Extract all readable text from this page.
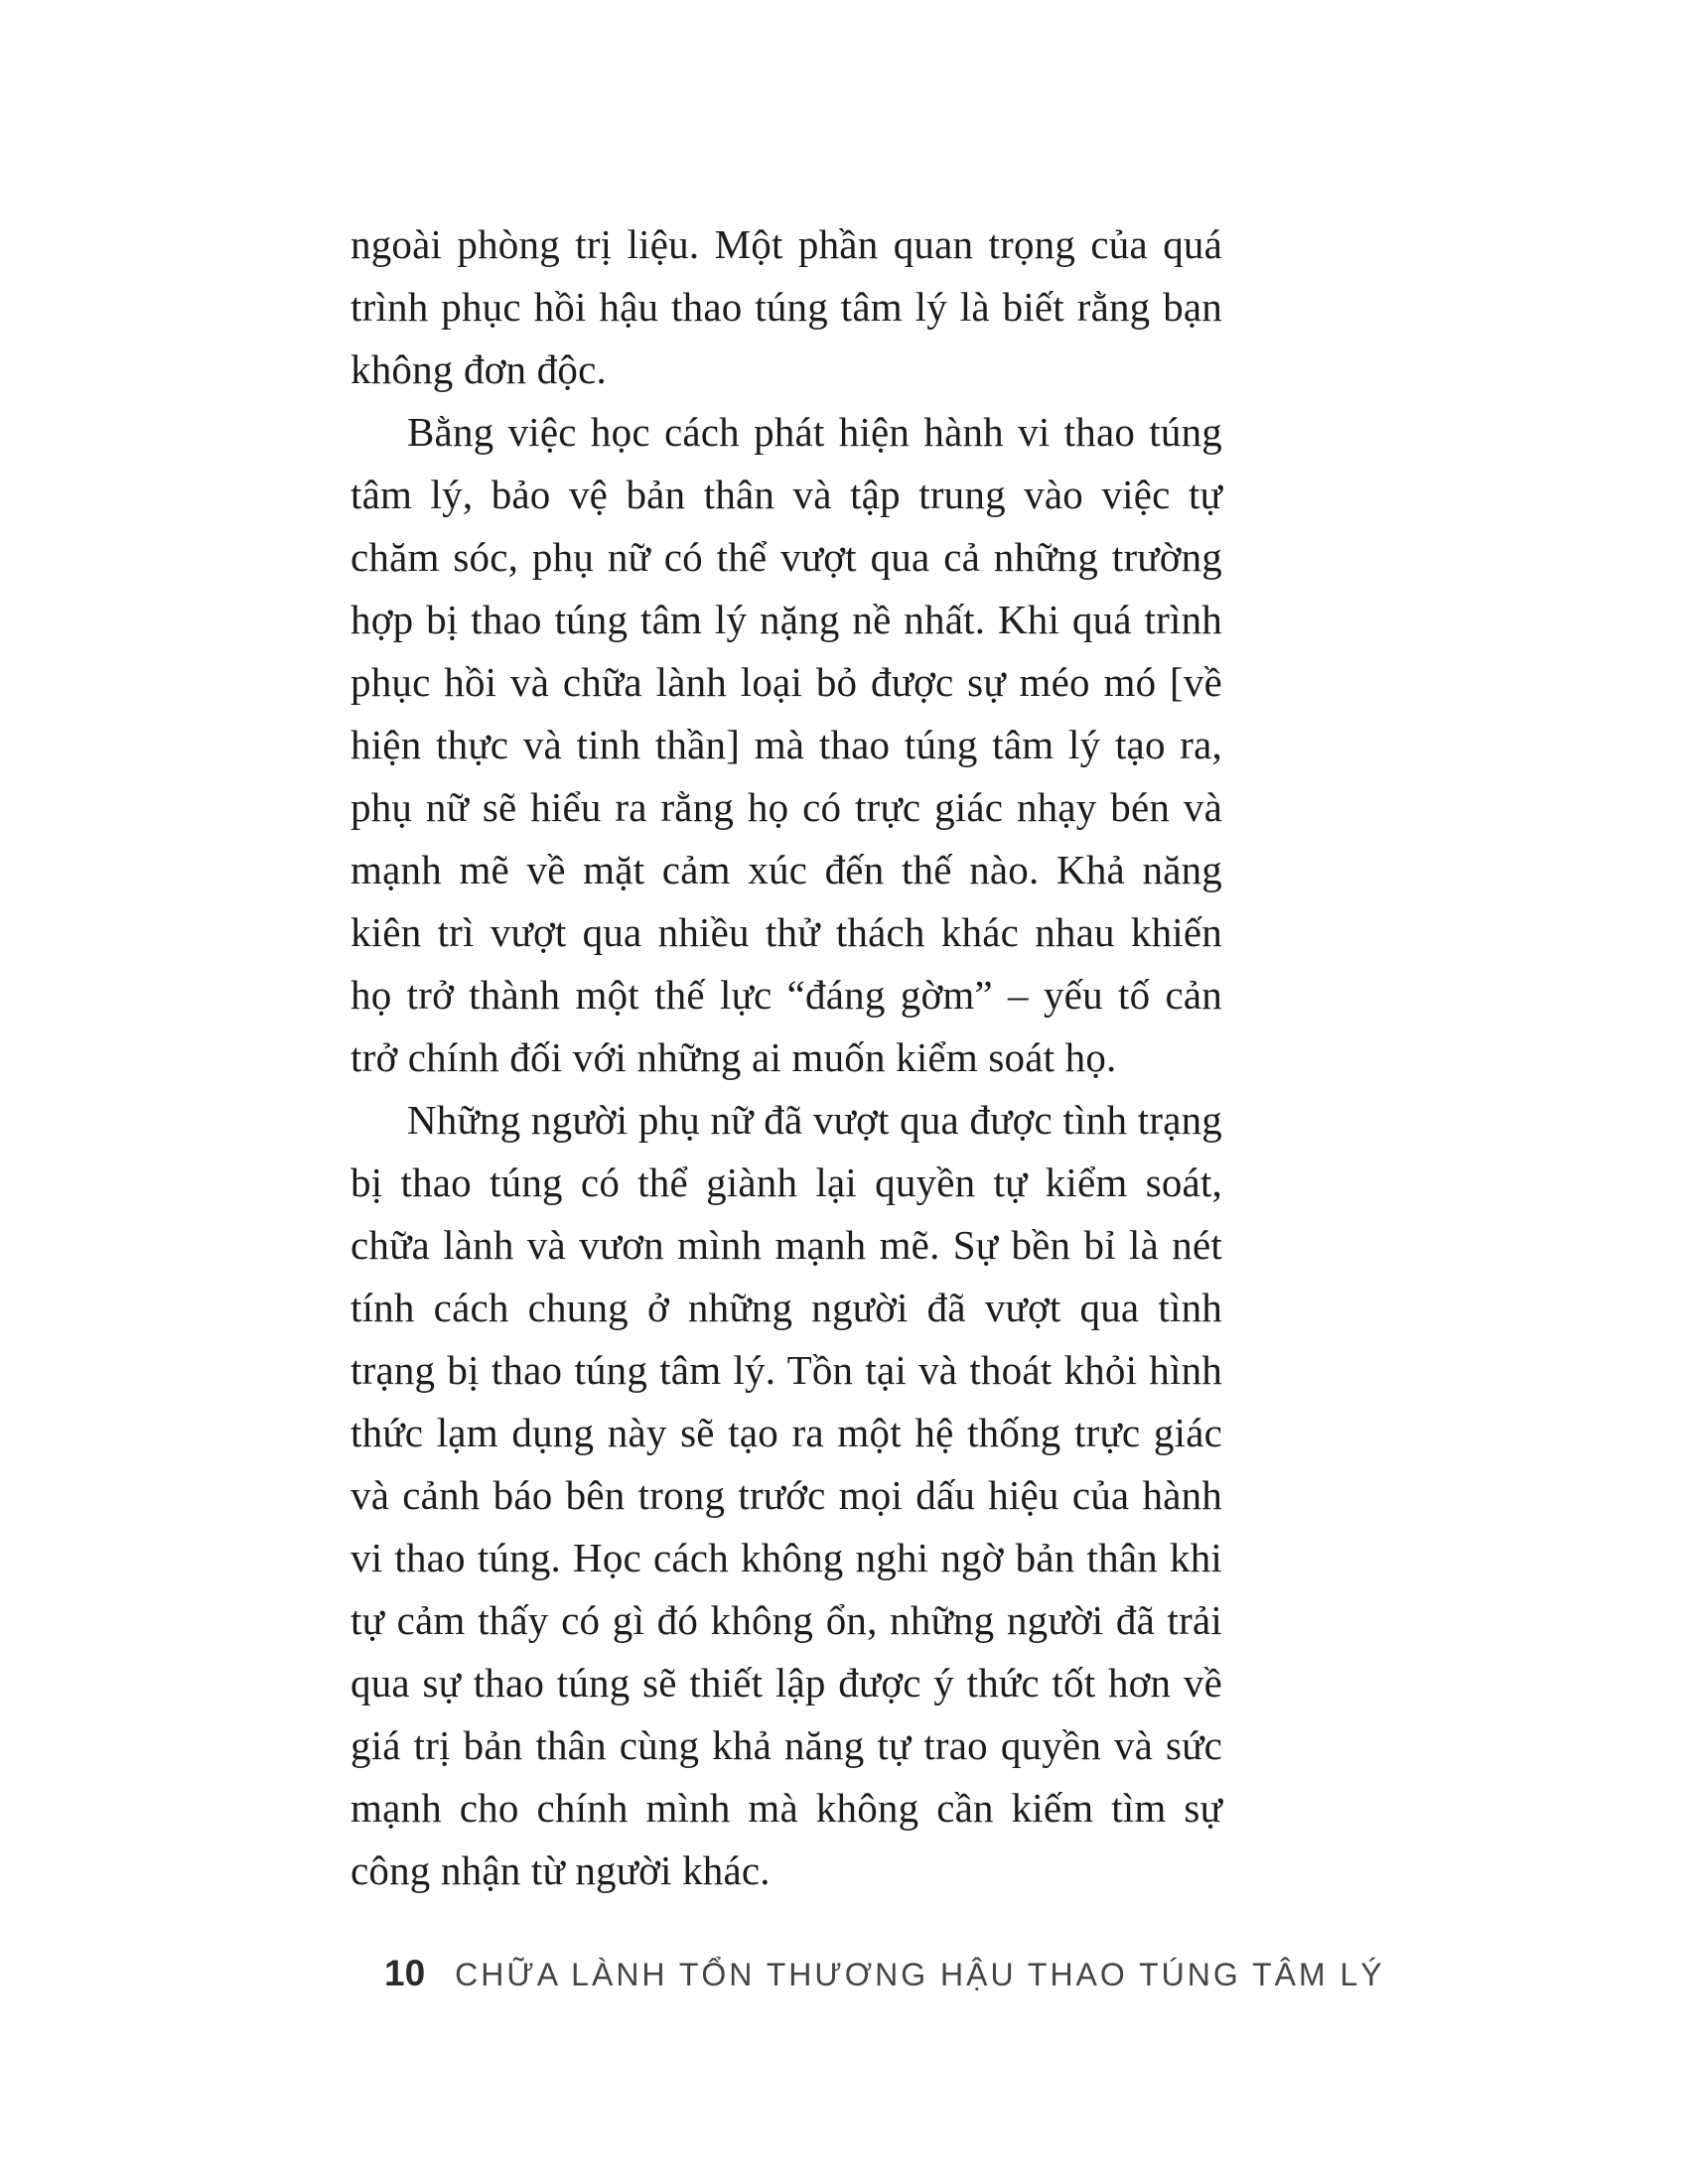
ngoài phòng trị liệu. Một phần quan trọng của quá trình phục hồi hậu thao túng tâm lý là biết rằng bạn không đơn độc.

Bằng việc học cách phát hiện hành vi thao túng tâm lý, bảo vệ bản thân và tập trung vào việc tự chăm sóc, phụ nữ có thể vượt qua cả những trường hợp bị thao túng tâm lý nặng nề nhất. Khi quá trình phục hồi và chữa lành loại bỏ được sự méo mó [về hiện thực và tinh thần] mà thao túng tâm lý tạo ra, phụ nữ sẽ hiểu ra rằng họ có trực giác nhạy bén và mạnh mẽ về mặt cảm xúc đến thế nào. Khả năng kiên trì vượt qua nhiều thử thách khác nhau khiến họ trở thành một thế lực “đáng gờm” – yếu tố cản trở chính đối với những ai muốn kiểm soát họ.

Những người phụ nữ đã vượt qua được tình trạng bị thao túng có thể giành lại quyền tự kiểm soát, chữa lành và vươn mình mạnh mẽ. Sự bền bỉ là nét tính cách chung ở những người đã vượt qua tình trạng bị thao túng tâm lý. Tồn tại và thoát khỏi hình thức lạm dụng này sẽ tạo ra một hệ thống trực giác và cảnh báo bên trong trước mọi dấu hiệu của hành vi thao túng. Học cách không nghi ngờ bản thân khi tự cảm thấy có gì đó không ổn, những người đã trải qua sự thao túng sẽ thiết lập được ý thức tốt hơn về giá trị bản thân cùng khả năng tự trao quyền và sức mạnh cho chính mình mà không cần kiếm tìm sự công nhận từ người khác.

10 CHỮA LÀNH TỔN THƯƠNG HẬU THAO TÚNG TÂM LÝ
